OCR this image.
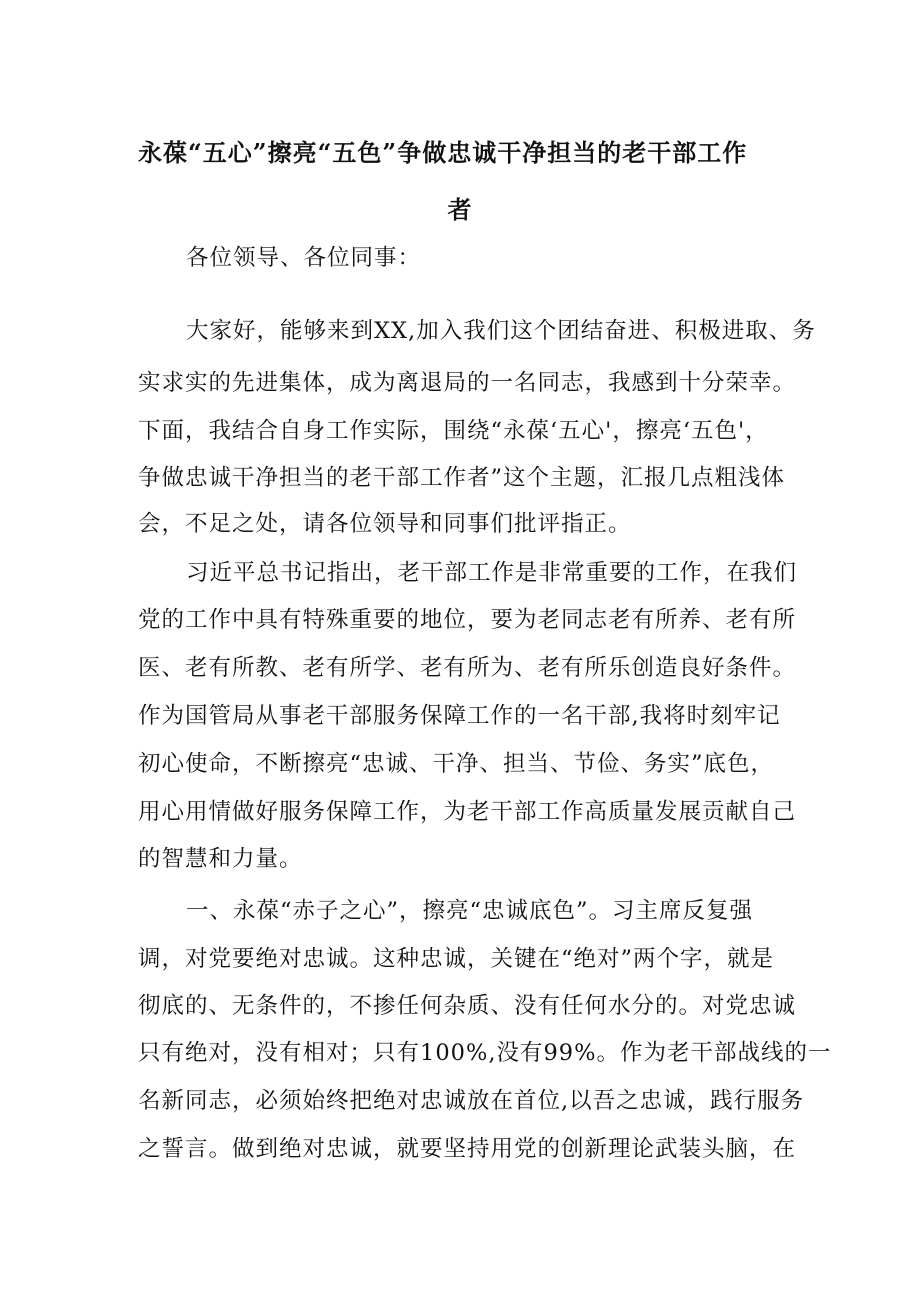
永葆“五心”擦亮“五色”争做忠诚干净担当的老干部工作
者
各位领导、各位同事：
大家好，能够来到XX,加入我们这个团结奋进、积极进取、务
实求实的先进集体，成为离退局的一名同志，我感到十分荣幸。
下面，我结合自身工作实际，围绕“永葆‘五心'，擦亮‘五色'，
争做忠诚干净担当的老干部工作者”这个主题，汇报几点粗浅体
会，不足之处，请各位领导和同事们批评指正。
习近平总书记指出，老干部工作是非常重要的工作，在我们
党的工作中具有特殊重要的地位，要为老同志老有所养、老有所
医、老有所教、老有所学、老有所为、老有所乐创造良好条件。
作为国管局从事老干部服务保障工作的一名干部,我将时刻牢记
初心使命，不断擦亮“忠诚、干净、担当、节俭、务实”底色，
用心用情做好服务保障工作，为老干部工作高质量发展贡献自己
的智慧和力量。
一、永葆“赤子之心”，擦亮“忠诚底色”。习主席反复强
调，对党要绝对忠诚。这种忠诚，关键在“绝对”两个字，就是
彻底的、无条件的，不掺任何杂质、没有任何水分的。对党忠诚
只有绝对，没有相对；只有100%,没有99%。作为老干部战线的一
名新同志，必须始终把绝对忠诚放在首位,以吾之忠诚，践行服务
之誓言。做到绝对忠诚，就要坚持用党的创新理论武装头脑，在
